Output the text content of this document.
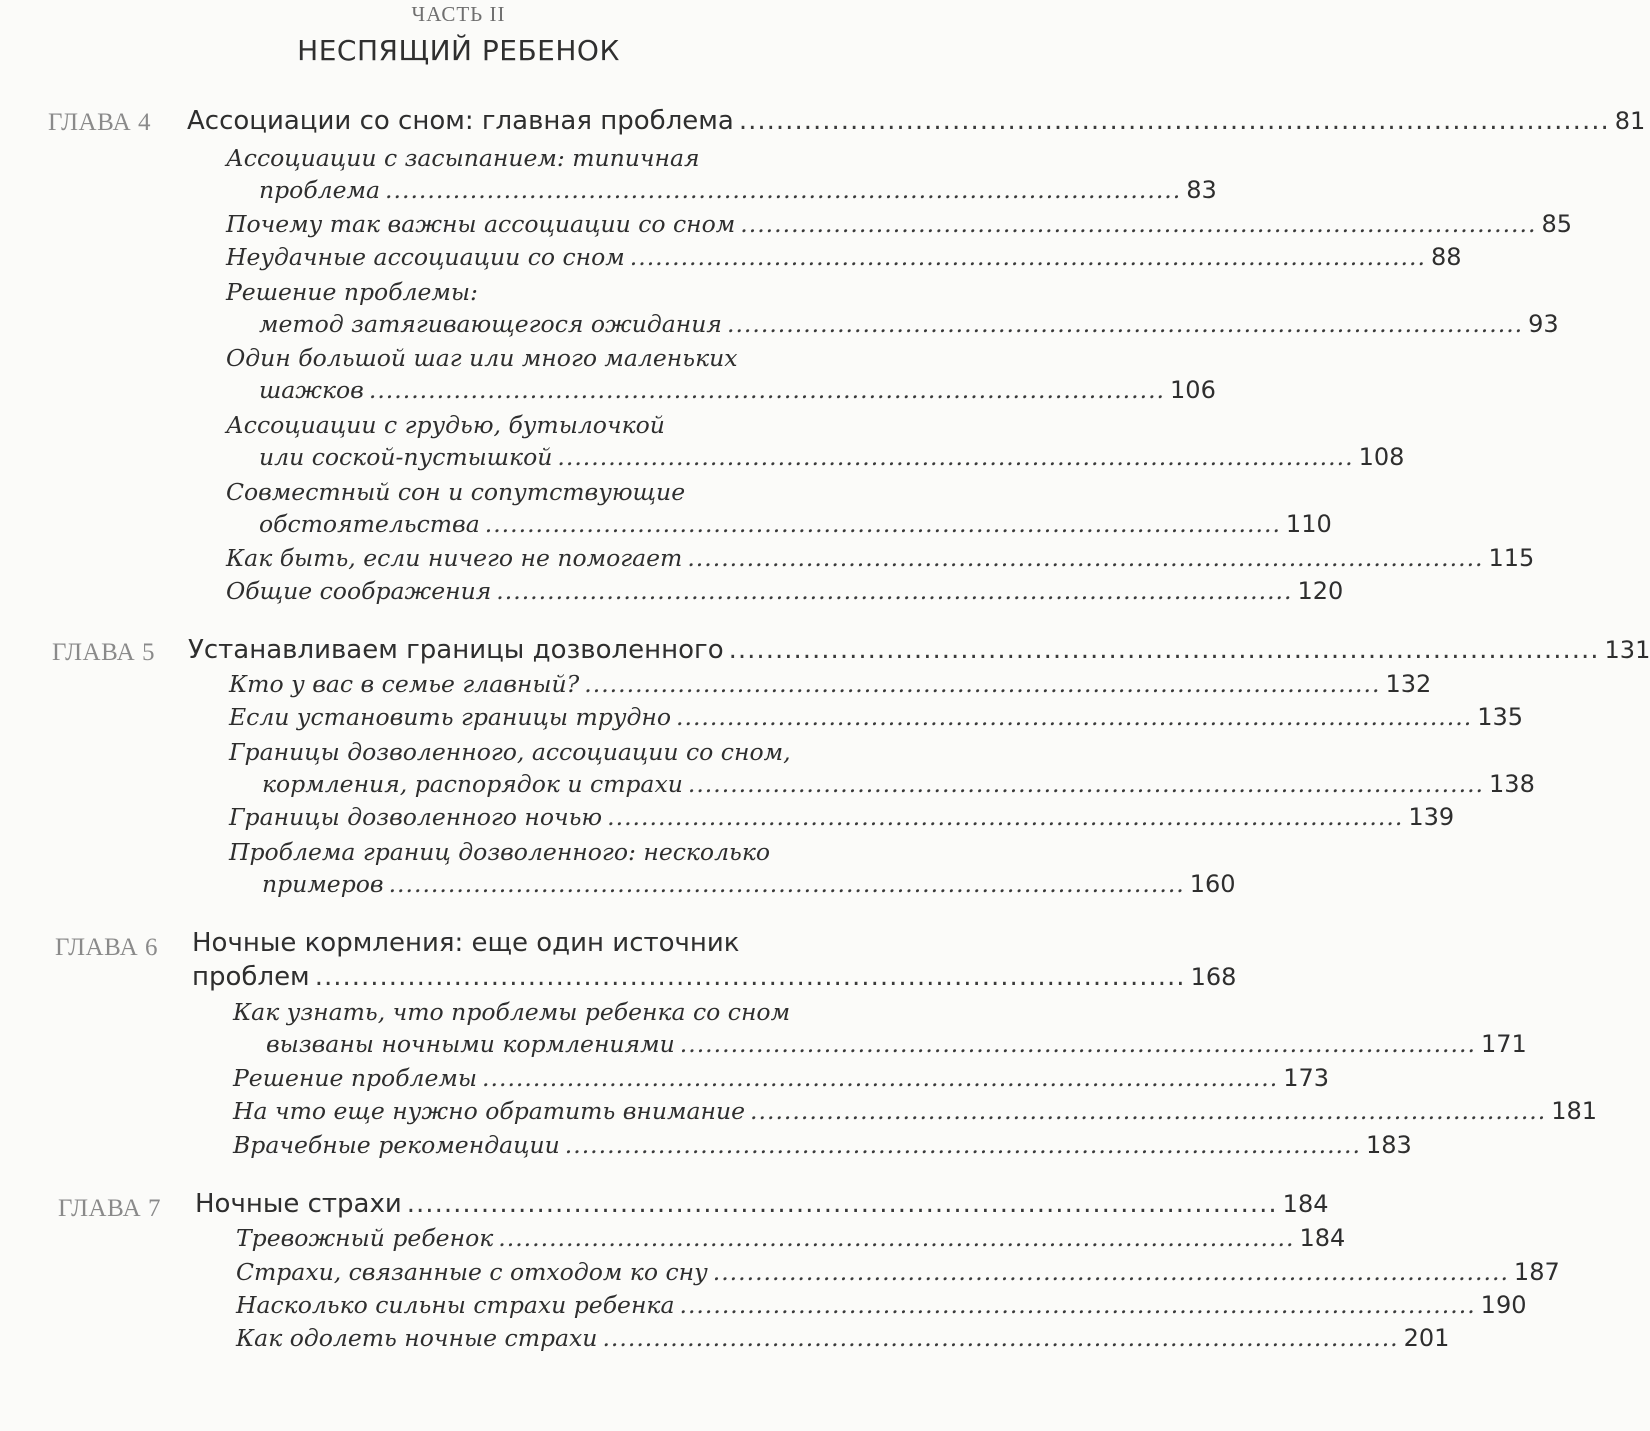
ЧАСТЬ II
НЕСПЯЩИЙ РЕБЕНОК
ГЛАВА 4 Ассоциации со сном: главная проблема .............................................................................................. 81
Ассоциации с засыпанием: типичная
проблема .............................................................................................. 83
Почему так важны ассоциации со сном .............................................................................................. 85
Неудачные ассоциации со сном .............................................................................................. 88
Решение проблемы:
метод затягивающегося ожидания .............................................................................................. 93
Один большой шаг или много маленьких
шажков .............................................................................................. 106
Ассоциации с грудью, бутылочкой
или соской-пустышкой .............................................................................................. 108
Совместный сон и сопутствующие
обстоятельства .............................................................................................. 110
Как быть, если ничего не помогает .............................................................................................. 115
Общие соображения .............................................................................................. 120
ГЛАВА 5 Устанавливаем границы дозволенного .............................................................................................. 131
Кто у вас в семье главный? .............................................................................................. 132
Если установить границы трудно .............................................................................................. 135
Границы дозволенного, ассоциации со сном,
кормления, распорядок и страхи .............................................................................................. 138
Границы дозволенного ночью .............................................................................................. 139
Проблема границ дозволенного: несколько
примеров .............................................................................................. 160
ГЛАВА 6 Ночные кормления: еще один источник
проблем .............................................................................................. 168
Как узнать, что проблемы ребенка со сном
вызваны ночными кормлениями .............................................................................................. 171
Решение проблемы .............................................................................................. 173
На что еще нужно обратить внимание .............................................................................................. 181
Врачебные рекомендации .............................................................................................. 183
ГЛАВА 7 Ночные страхи .............................................................................................. 184
Тревожный ребенок .............................................................................................. 184
Страхи, связанные с отходом ко сну .............................................................................................. 187
Насколько сильны страхи ребенка .............................................................................................. 190
Как одолеть ночные страхи .............................................................................................. 201
